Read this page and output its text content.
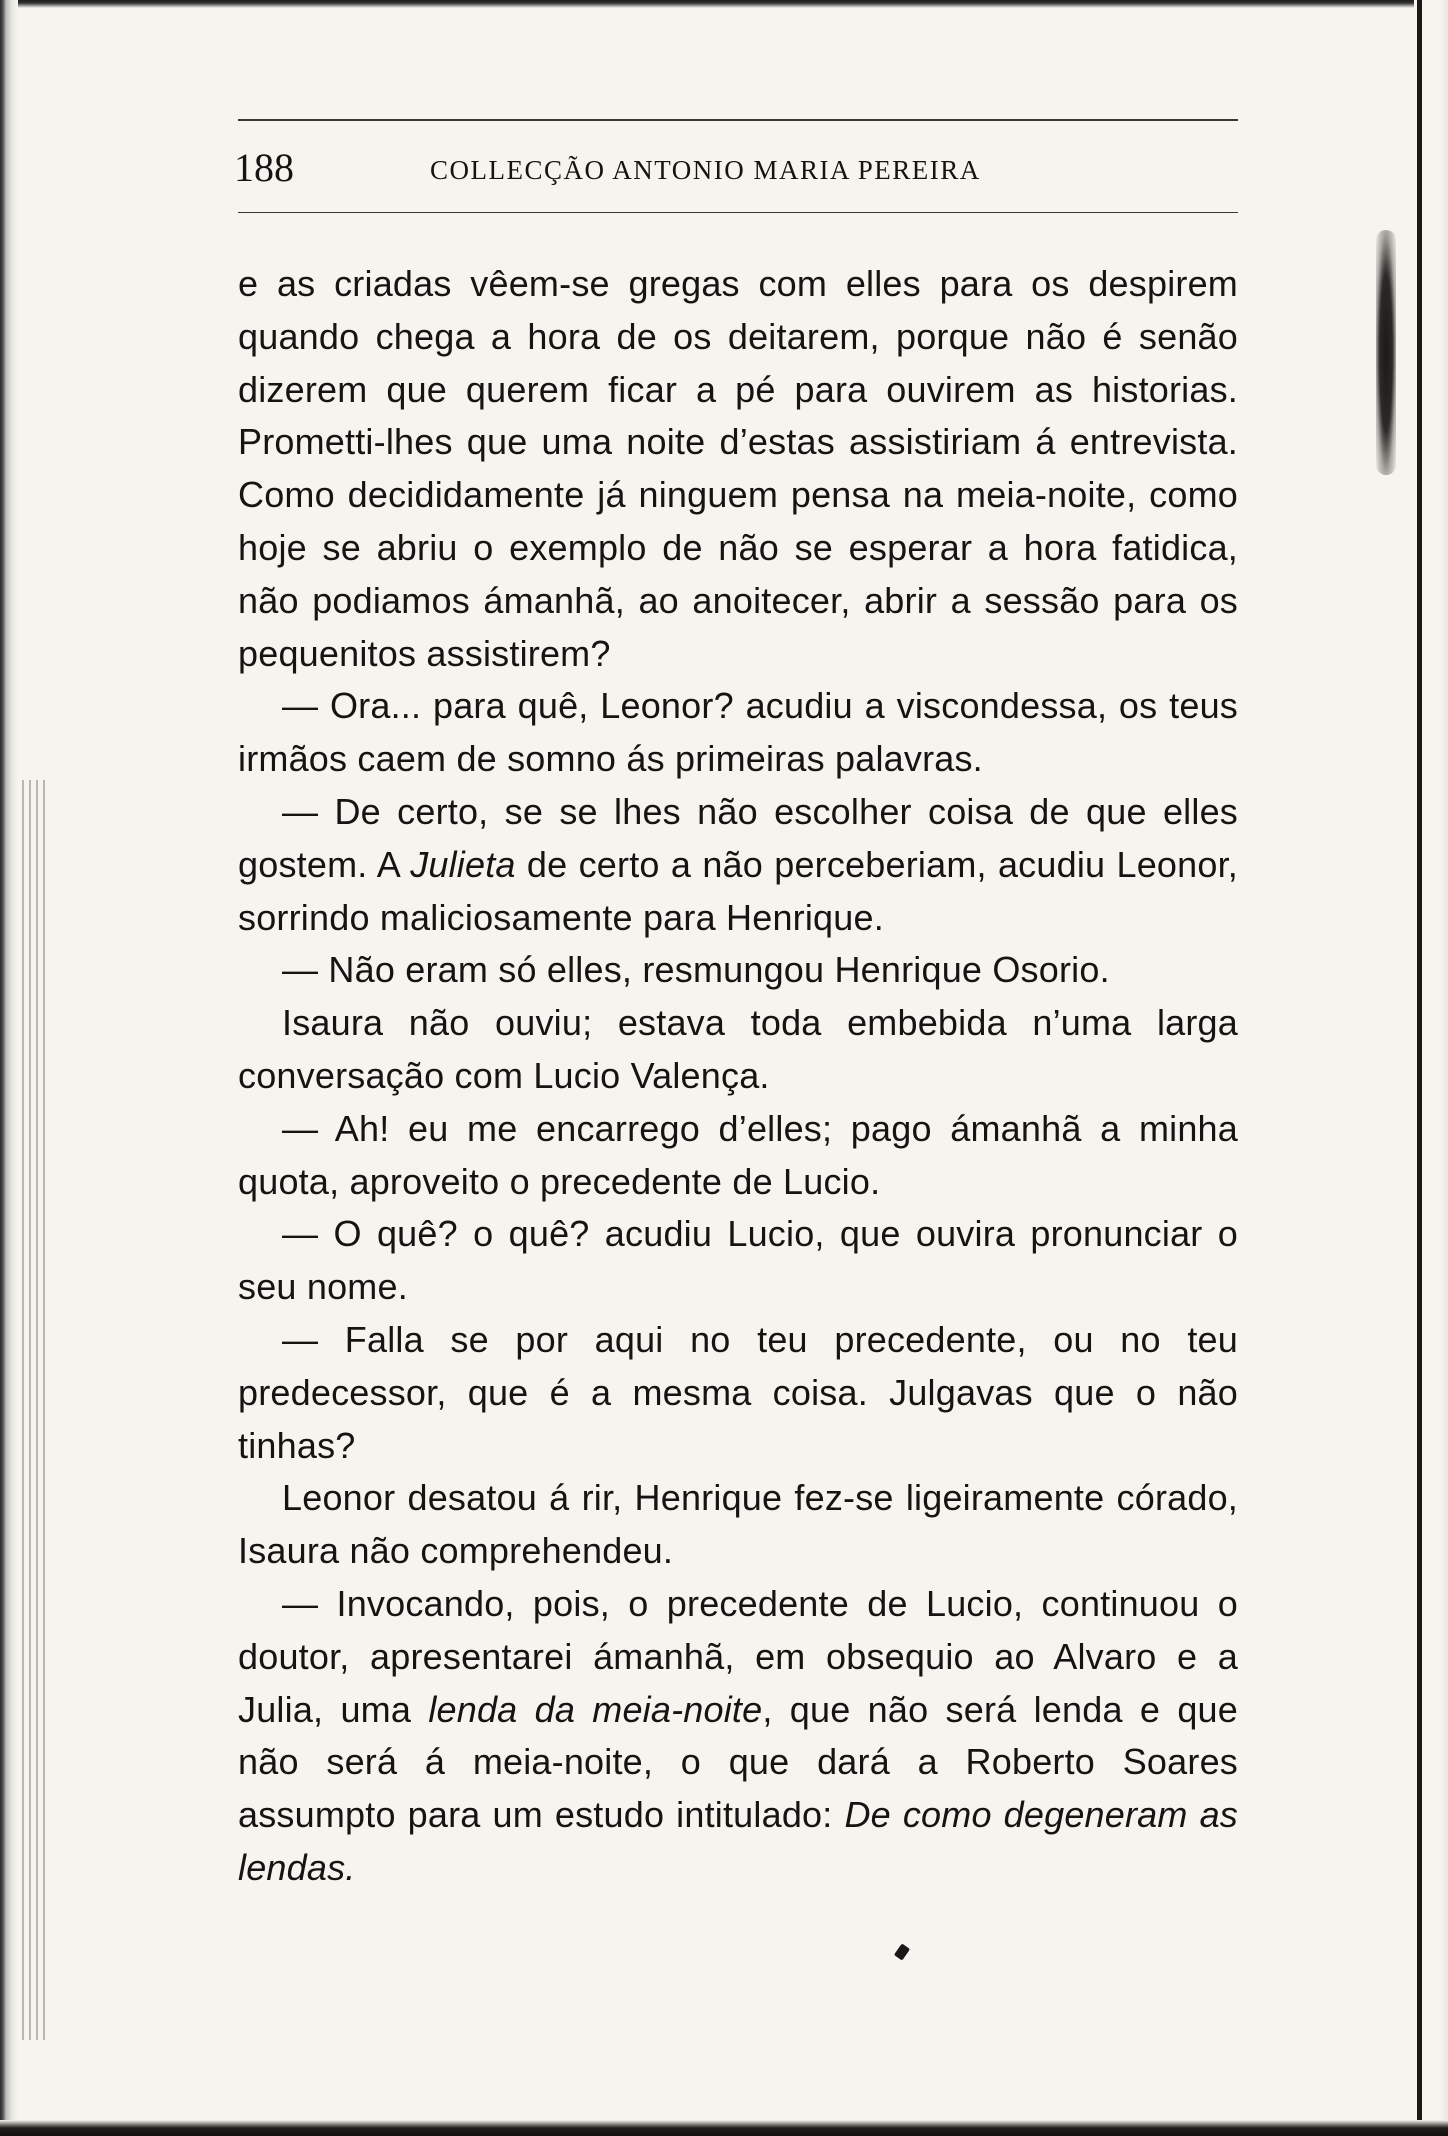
188	COLLECÇÃO ANTONIO MARIA PEREIRA

e as criadas vêem-se gregas com elles para os despirem quando chega a hora de os deitarem, porque não é senão dizerem que querem ficar a pé para ouvirem as historias. Prometti-lhes que uma noite d’estas assistiriam á entrevista. Como decididamente já ninguem pensa na meia-noite, como hoje se abriu o exemplo de não se esperar a hora fatidica, não podiamos ámanhã, ao anoitecer, abrir a sessão para os pequenitos assistirem?

— Ora... para quê, Leonor? acudiu a viscondessa, os teus irmãos caem de somno ás primeiras palavras.

— De certo, se se lhes não escolher coisa de que elles gostem. A Julieta de certo a não perceberiam, acudiu Leonor, sorrindo maliciosamente para Henrique.

— Não eram só elles, resmungou Henrique Osorio.

Isaura não ouviu; estava toda embebida n’uma larga conversação com Lucio Valença.

— Ah! eu me encarrego d’elles; pago ámanhã a minha quota, aproveito o precedente de Lucio.

— O quê? o quê? acudiu Lucio, que ouvira pronunciar o seu nome.

— Falla se por aqui no teu precedente, ou no teu predecessor, que é a mesma coisa. Julgavas que o não tinhas?

Leonor desatou á rir, Henrique fez-se ligeiramente córado, Isaura não comprehendeu.

— Invocando, pois, o precedente de Lucio, continuou o doutor, apresentarei ámanhã, em obsequio ao Alvaro e a Julia, uma lenda da meia-noite, que não será lenda e que não será á meia-noite, o que dará a Roberto Soares assumpto para um estudo intitulado: De como degeneram as lendas.
